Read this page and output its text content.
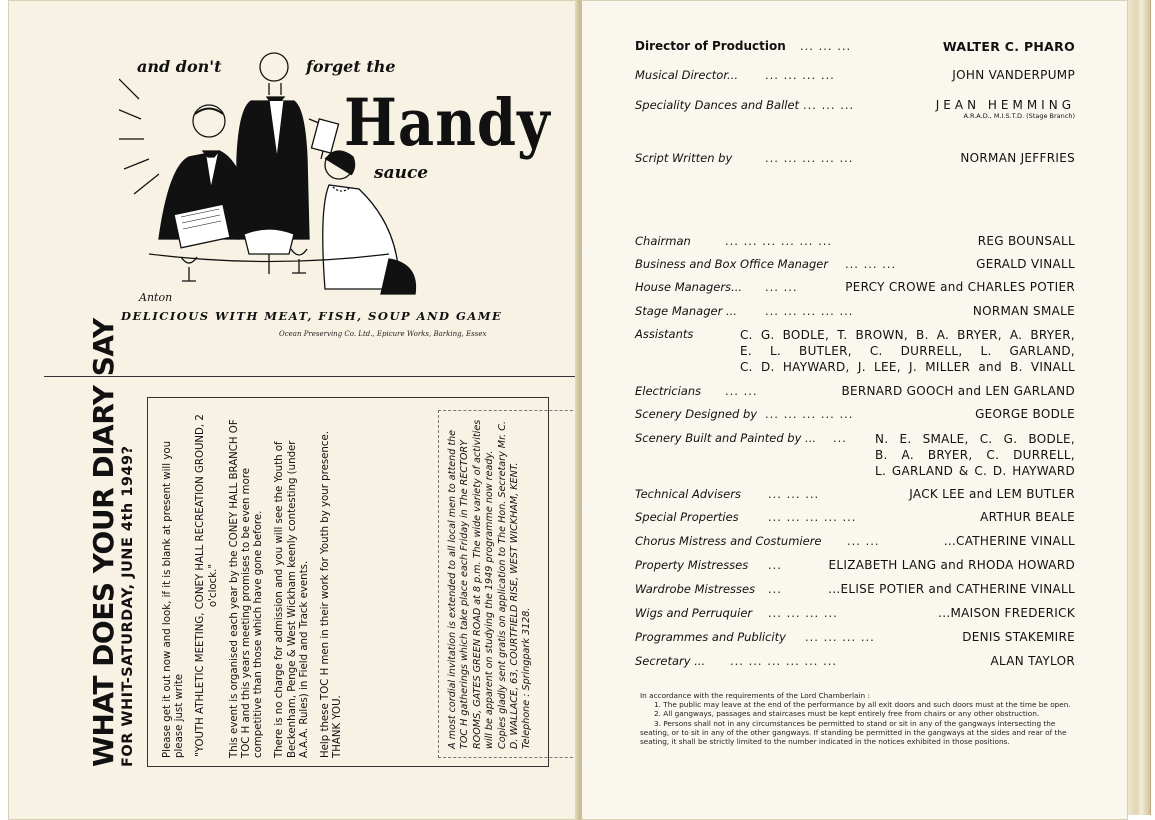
and don't	forget the
Anton
Handy
sauce
DELICIOUS WITH MEAT, FISH, SOUP AND GAME
Ocean Preserving Co. Ltd., Epicure Works, Barking, Essex
WHAT DOES YOUR DIARY SAY FOR WHIT-SATURDAY, JUNE 4th 1949?	Please get it out now and look, if it is blank at present will you please just write "YOUTH ATHLETIC MEETING, CONEY HALL RECREATION GROUND, 2 o'clock." This event is organised each year by the CONEY HALL BRANCH OF TOC H and this years meeting promises to be even more competitive than those which have gone before. There is no charge for admission and you will see the Youth of Beckenham, Penge & West Wickham keenly contesting (under A.A.A. Rules) in Field and Track events. Help these TOC H men in their work for Youth by your presence. THANK YOU.	A most cordial invitation is extended to all local men to attend the TOC H gatherings which take place each Friday in The RECTORY ROOMS, GATES GREEN ROAD at 8 p.m. The wide variety of activities will be apparent on studying the 1949 programme now ready. Copies gladly sent gratis on application to The Hon. Secretary Mr. C. D. WALLACE, 63, COURTFIELD RISE, WEST WICKHAM, KENT. Telephone : Springpark 3128.
Director of Production ... ... ...	WALTER C. PHARO
Musical Director... ... ... ... ...	JOHN VANDERPUMP
Speciality Dances and Ballet ... ... ...	JEAN HEMMING
A.R.A.D., M.I.S.T.D. (Stage Branch)
Script Written by	... ... ... ... ...	NORMAN JEFFRIES
Chairman	... ... ... ... ... ...	REG BOUNSALL
Business and Box Office Manager ... ... ...	GERALD VINALL
House Managers... ... ...	PERCY CROWE and CHARLES POTIER
Stage Manager ... ... ... ... ... ...	NORMAN SMALE
Assistants	C. G. BODLE, T. BROWN, B. A. BRYER, A. BRYER,
E. L. BUTLER, C. DURRELL, L. GARLAND,
C. D. HAYWARD, J. LEE, J. MILLER and B. VINALL
Electricians ... ...	BERNARD GOOCH and LEN GARLAND
Scenery Designed by ... ... ... ... ...	GEORGE BODLE
Scenery Built and Painted by ... ... N. E. SMALE, C. G. BODLE,
B. A. BRYER, C. DURRELL,
L. GARLAND & C. D. HAYWARD
Technical Advisers ... ... ...	JACK LEE and LEM BUTLER
Special Properties	... ... ... ... ...	ARTHUR BEALE
Chorus Mistress and Costumiere ... ...	...CATHERINE VINALL
Property Mistresses ...	ELIZABETH LANG and RHODA HOWARD
Wardrobe Mistresses ...	...ELISE POTIER and CATHERINE VINALL
Wigs and Perruquier ... ... ... ...	...MAISON FREDERICK
Programmes and Publicity ... ... ... ...	DENIS STAKEMIRE
Secretary ... ... ... ... ... ... ...	ALAN TAYLOR

In accordance with the requirements of the Lord Chamberlain :

1. The public may leave at the end of the performance by all exit doors and such doors must at the time be open.

2. All gangways, passages and staircases must be kept entirely free from chairs or any other obstruction.

3. Persons shall not in any circumstances be permitted to stand or sit in any of the gangways intersecting the seating, or to sit in any of the other gangways. If standing be permitted in the gangways at the sides and rear of the seating, it shall be strictly limited to the number indicated in the notices exhibited in those positions.
